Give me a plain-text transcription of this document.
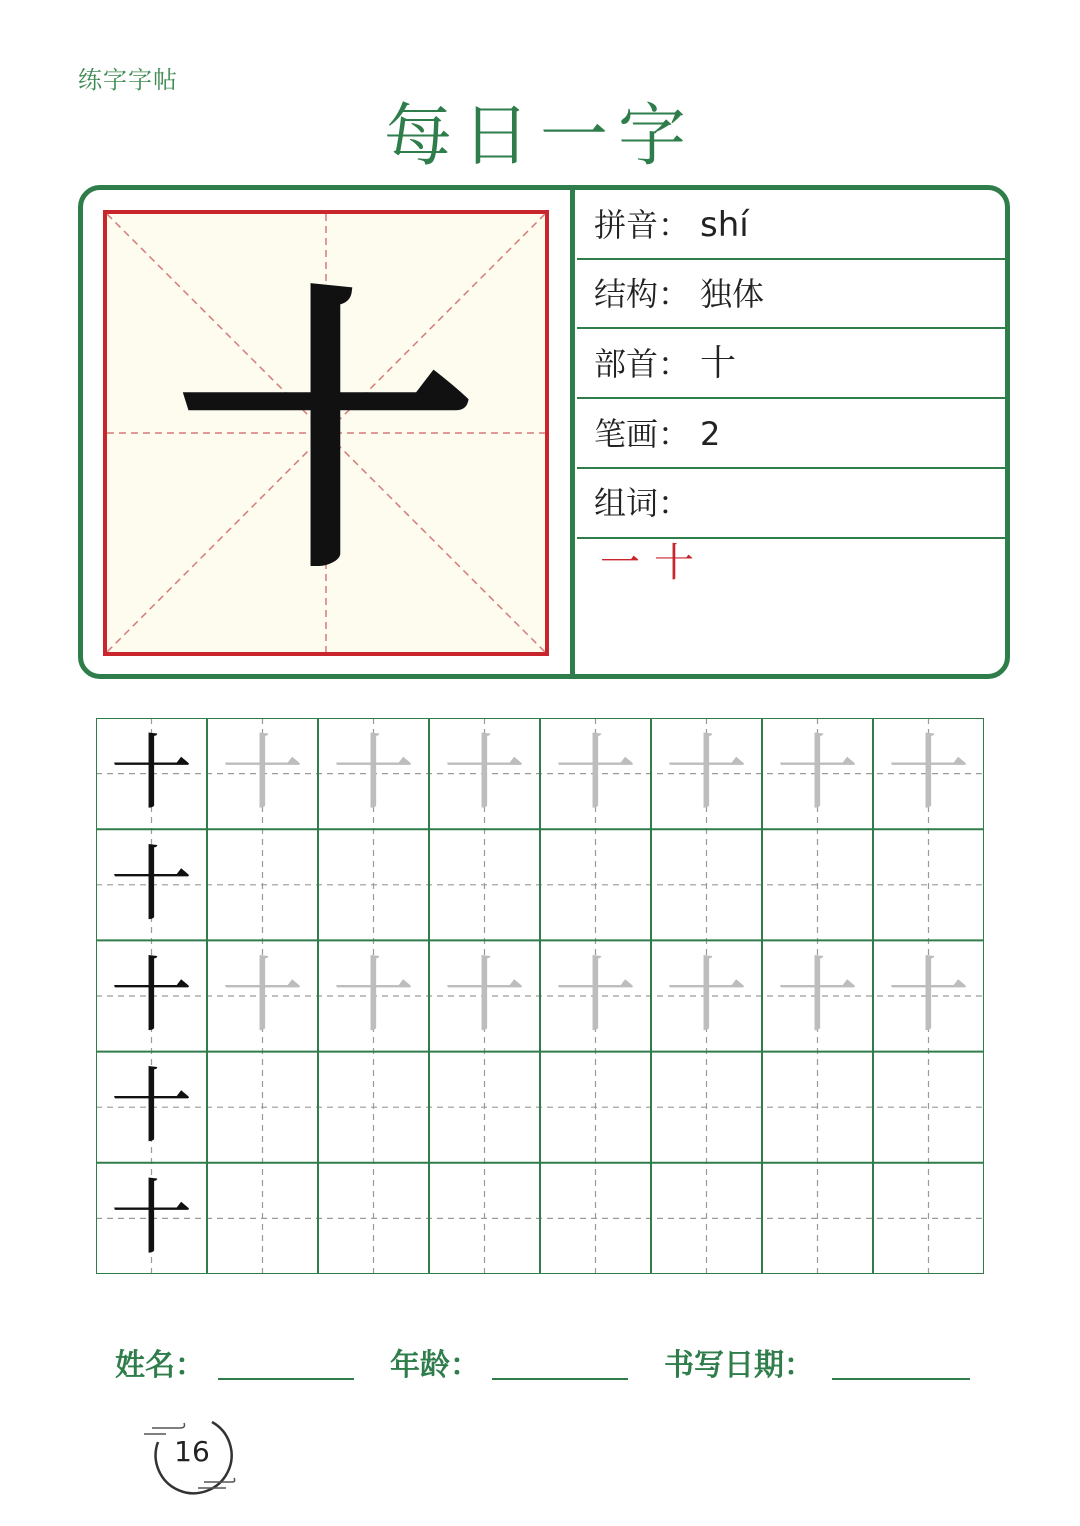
练字字帖
每日一字
十
拼音： shí
结构： 独体
部首： 十
笔画： 2
组词：
一 十
十 十 十 十 十 十 十 十
十
十 十 十 十 十 十 十 十
十
十
姓名：	年龄：	书写日期：
16
